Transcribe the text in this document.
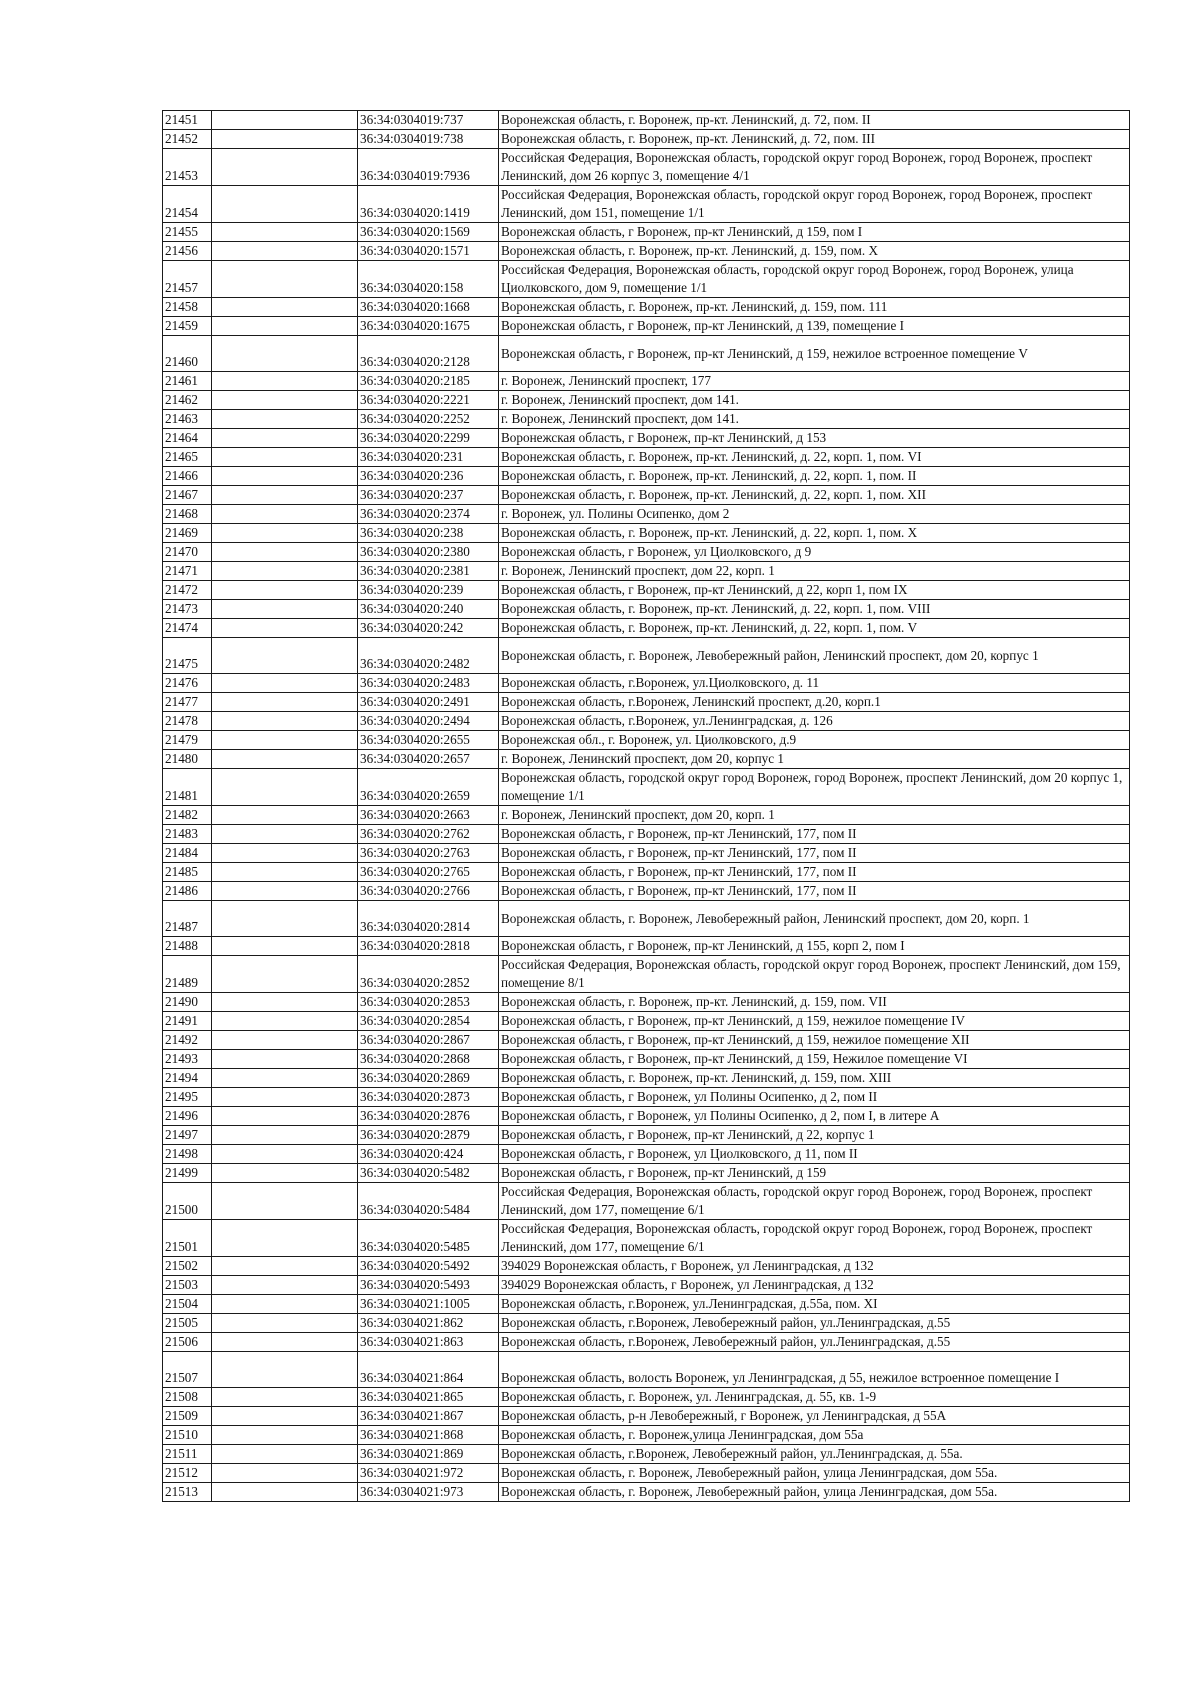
21451		36:34:0304019:737	Воронежская область, г. Воронеж, пр-кт. Ленинский, д. 72, пом. II
21452		36:34:0304019:738	Воронежская область, г. Воронеж, пр-кт. Ленинский, д. 72, пом. III
21453		36:34:0304019:7936	Российская Федерация, Воронежская область, городской округ город Воронеж, город Воронеж, проспект Ленинский, дом 26 корпус 3, помещение 4/1
21454		36:34:0304020:1419	Российская Федерация, Воронежская область, городской округ город Воронеж, город Воронеж, проспект Ленинский, дом 151, помещение 1/1
21455		36:34:0304020:1569	Воронежская область, г Воронеж, пр-кт Ленинский, д 159, пом I
21456		36:34:0304020:1571	Воронежская область, г. Воронеж, пр-кт. Ленинский, д. 159, пом. X
21457		36:34:0304020:158	Российская Федерация, Воронежская область, городской округ город Воронеж, город Воронеж, улица Циолковского, дом 9, помещение 1/1
21458		36:34:0304020:1668	Воронежская область, г. Воронеж, пр-кт. Ленинский, д. 159, пом. 111
21459		36:34:0304020:1675	Воронежская область, г Воронеж, пр-кт Ленинский, д 139, помещение I
21460		36:34:0304020:2128	Воронежская область, г Воронеж, пр-кт Ленинский, д 159, нежилое встроенное помещение V
21461		36:34:0304020:2185	г. Воронеж, Ленинский проспект, 177
21462		36:34:0304020:2221	г. Воронеж, Ленинский проспект, дом 141.
21463		36:34:0304020:2252	г. Воронеж, Ленинский проспект, дом 141.
21464		36:34:0304020:2299	Воронежская область, г Воронеж, пр-кт Ленинский, д 153
21465		36:34:0304020:231	Воронежская область, г. Воронеж, пр-кт. Ленинский, д. 22, корп. 1, пом. VI
21466		36:34:0304020:236	Воронежская область, г. Воронеж, пр-кт. Ленинский, д. 22, корп. 1, пом. II
21467		36:34:0304020:237	Воронежская область, г. Воронеж, пр-кт. Ленинский, д. 22, корп. 1, пом. XII
21468		36:34:0304020:2374	г. Воронеж, ул. Полины Осипенко, дом 2
21469		36:34:0304020:238	Воронежская область, г. Воронеж, пр-кт. Ленинский, д. 22, корп. 1, пом. X
21470		36:34:0304020:2380	Воронежская область, г Воронеж, ул Циолковского, д 9
21471		36:34:0304020:2381	г. Воронеж, Ленинский проспект, дом 22, корп. 1
21472		36:34:0304020:239	Воронежская область, г Воронеж, пр-кт Ленинский, д 22, корп 1, пом IX
21473		36:34:0304020:240	Воронежская область, г. Воронеж, пр-кт. Ленинский, д. 22, корп. 1, пом. VIII
21474		36:34:0304020:242	Воронежская область, г. Воронеж, пр-кт. Ленинский, д. 22, корп. 1, пом. V
21475		36:34:0304020:2482	Воронежская область, г. Воронеж, Левобережный район, Ленинский проспект, дом 20, корпус 1
21476		36:34:0304020:2483	Воронежская область, г.Воронеж, ул.Циолковского, д. 11
21477		36:34:0304020:2491	Воронежская область, г.Воронеж, Ленинский проспект, д.20, корп.1
21478		36:34:0304020:2494	Воронежская область, г.Воронеж, ул.Ленинградская, д. 126
21479		36:34:0304020:2655	Воронежская обл., г. Воронеж, ул. Циолковского, д.9
21480		36:34:0304020:2657	г. Воронеж, Ленинский проспект, дом 20, корпус 1
21481		36:34:0304020:2659	Воронежская область, городской округ город Воронеж, город Воронеж, проспект Ленинский, дом 20 корпус 1, помещение 1/1
21482		36:34:0304020:2663	г. Воронеж, Ленинский проспект, дом 20, корп. 1
21483		36:34:0304020:2762	Воронежская область, г Воронеж, пр-кт Ленинский, 177, пом II
21484		36:34:0304020:2763	Воронежская область, г Воронеж, пр-кт Ленинский, 177, пом II
21485		36:34:0304020:2765	Воронежская область, г Воронеж, пр-кт Ленинский, 177, пом II
21486		36:34:0304020:2766	Воронежская область, г Воронеж, пр-кт Ленинский, 177, пом II
21487		36:34:0304020:2814	Воронежская область, г. Воронеж, Левобережный район, Ленинский проспект, дом 20, корп. 1
21488		36:34:0304020:2818	Воронежская область, г Воронеж, пр-кт Ленинский, д 155, корп 2, пом I
21489		36:34:0304020:2852	Российская Федерация, Воронежская область, городской округ город Воронеж, проспект Ленинский, дом 159, помещение 8/1
21490		36:34:0304020:2853	Воронежская область, г. Воронеж, пр-кт. Ленинский, д. 159, пом. VII
21491		36:34:0304020:2854	Воронежская область, г Воронеж, пр-кт Ленинский, д 159, нежилое помещение IV
21492		36:34:0304020:2867	Воронежская область, г Воронеж, пр-кт Ленинский, д 159, нежилое помещение XII
21493		36:34:0304020:2868	Воронежская область, г Воронеж, пр-кт Ленинский, д 159, Нежилое помещение VI
21494		36:34:0304020:2869	Воронежская область, г. Воронеж, пр-кт. Ленинский, д. 159, пом. XIII
21495		36:34:0304020:2873	Воронежская область, г Воронеж, ул Полины Осипенко, д 2, пом II
21496		36:34:0304020:2876	Воронежская область, г Воронеж, ул Полины Осипенко, д 2, пом I, в литере А
21497		36:34:0304020:2879	Воронежская область, г Воронеж, пр-кт Ленинский, д 22, корпус 1
21498		36:34:0304020:424	Воронежская область, г Воронеж, ул Циолковского, д 11, пом II
21499		36:34:0304020:5482	Воронежская область, г Воронеж, пр-кт Ленинский, д 159
21500		36:34:0304020:5484	Российская Федерация, Воронежская область, городской округ город Воронеж, город Воронеж, проспект Ленинский, дом 177, помещение 6/1
21501		36:34:0304020:5485	Российская Федерация, Воронежская область, городской округ город Воронеж, город Воронеж, проспект Ленинский, дом 177, помещение 6/1
21502		36:34:0304020:5492	394029 Воронежская область, г Воронеж, ул Ленинградская, д 132
21503		36:34:0304020:5493	394029 Воронежская область, г Воронеж, ул Ленинградская, д 132
21504		36:34:0304021:1005	Воронежская область, г.Воронеж, ул.Ленинградская, д.55а, пом. XI
21505		36:34:0304021:862	Воронежская область, г.Воронеж, Левобережный район, ул.Ленинградская, д.55
21506		36:34:0304021:863	Воронежская область, г.Воронеж, Левобережный район, ул.Ленинградская, д.55
21507		36:34:0304021:864	Воронежская область, волость Воронеж, ул Ленинградская, д 55, нежилое встроенное помещение I
21508		36:34:0304021:865	Воронежская область, г. Воронеж, ул. Ленинградская, д. 55, кв. 1-9
21509		36:34:0304021:867	Воронежская область, р-н Левобережный, г Воронеж, ул Ленинградская, д 55А
21510		36:34:0304021:868	Воронежская область, г. Воронеж,улица Ленинградская, дом 55а
21511		36:34:0304021:869	Воронежская область, г.Воронеж, Левобережный район, ул.Ленинградская, д. 55а.
21512		36:34:0304021:972	Воронежская область, г. Воронеж, Левобережный район, улица Ленинградская, дом 55а.
21513		36:34:0304021:973	Воронежская область, г. Воронеж, Левобережный район, улица Ленинградская, дом 55а.
